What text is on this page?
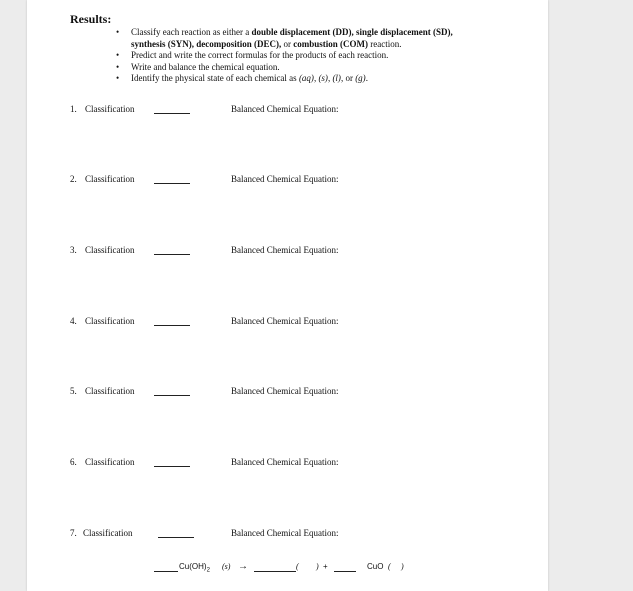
Results:
• Classify each reaction as either a double displacement (DD), single displacement (SD),
synthesis (SYN), decomposition (DEC), or combustion (COM) reaction.
• Predict and write the correct formulas for the products of each reaction.
• Write and balance the chemical equation.
• Identify the physical state of each chemical as (aq), (s), (l), or (g).
1. Classification	Balanced Chemical Equation:
2. Classification	Balanced Chemical Equation:
3. Classification	Balanced Chemical Equation:
4. Classification	Balanced Chemical Equation:
5. Classification	Balanced Chemical Equation:
6. Classification	Balanced Chemical Equation:
7. Classification	Balanced Chemical Equation:
$Cu(OH)_2$ (s) →	( ) +	CuO ( )
